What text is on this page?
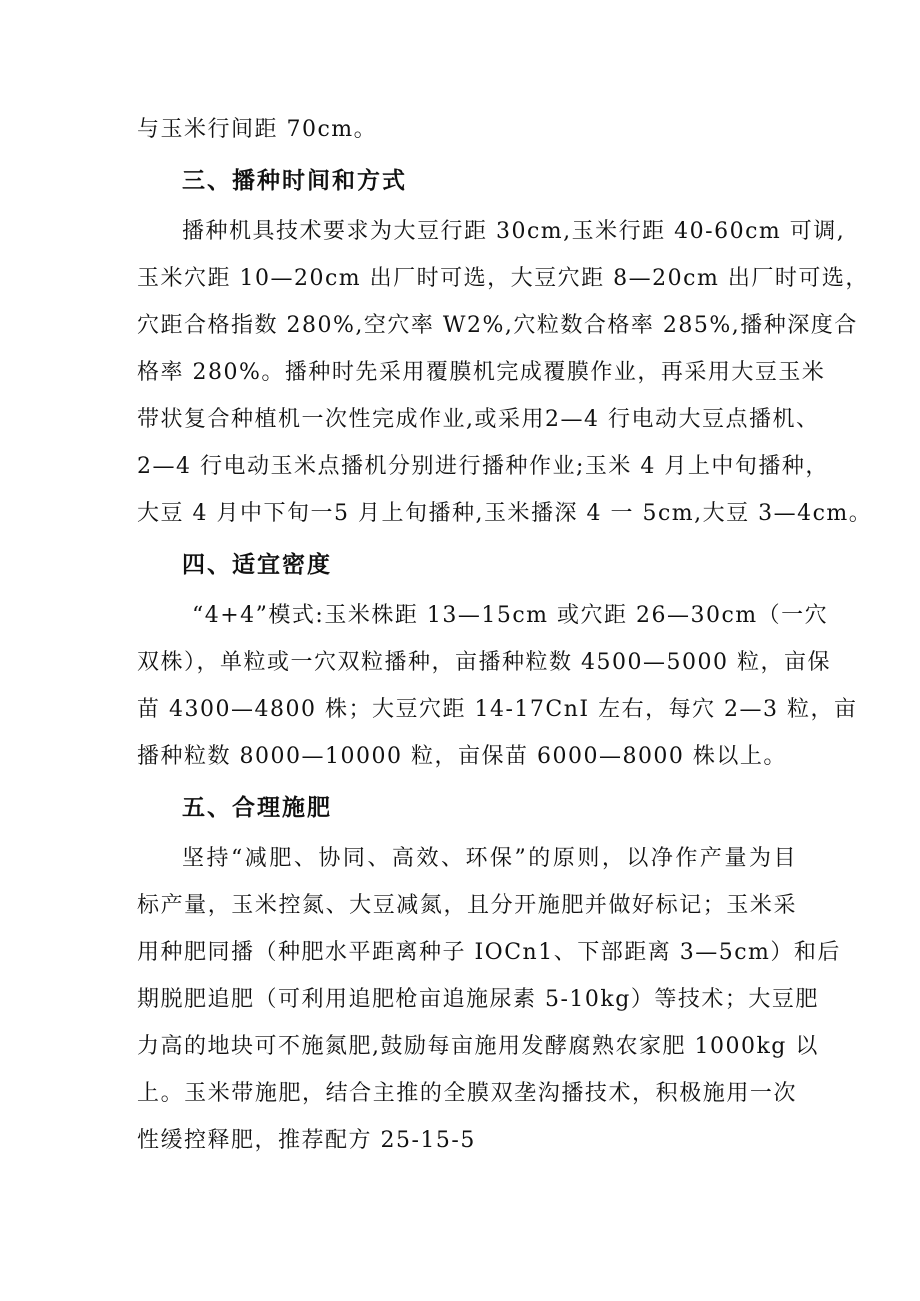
与玉米行间距 70cm。
三、播种时间和方式
播种机具技术要求为大豆行距 30cm,玉米行距 40-60cm 可调,
玉米穴距 10—20cm 出厂时可选，大豆穴距 8—20cm 出厂时可选，
穴距合格指数 280%,空穴率 W2%,穴粒数合格率 285%,播种深度合
格率 280%。播种时先采用覆膜机完成覆膜作业，再采用大豆玉米
带状复合种植机一次性完成作业,或采用2—4 行电动大豆点播机、
2—4 行电动玉米点播机分别进行播种作业;玉米 4 月上中旬播种，
大豆 4 月中下旬一5 月上旬播种,玉米播深 4 一 5cm,大豆 3—4cm。
四、适宜密度
“4+4”模式:玉米株距 13—15cm 或穴距 26—30cm（一穴
双株），单粒或一穴双粒播种，亩播种粒数 4500—5000 粒，亩保
苗 4300—4800 株；大豆穴距 14-17CnI 左右，每穴 2—3 粒，亩
播种粒数 8000—10000 粒，亩保苗 6000—8000 株以上。
五、合理施肥
坚持“减肥、协同、高效、环保”的原则，以净作产量为目
标产量，玉米控氮、大豆减氮，且分开施肥并做好标记；玉米采
用种肥同播（种肥水平距离种子 IOCn1、下部距离 3—5cm）和后
期脱肥追肥（可利用追肥枪亩追施尿素 5-10kg）等技术；大豆肥
力高的地块可不施氮肥,鼓励每亩施用发酵腐熟农家肥 1000kg 以
上。玉米带施肥，结合主推的全膜双垄沟播技术，积极施用一次
性缓控释肥，推荐配方 25-15-5
